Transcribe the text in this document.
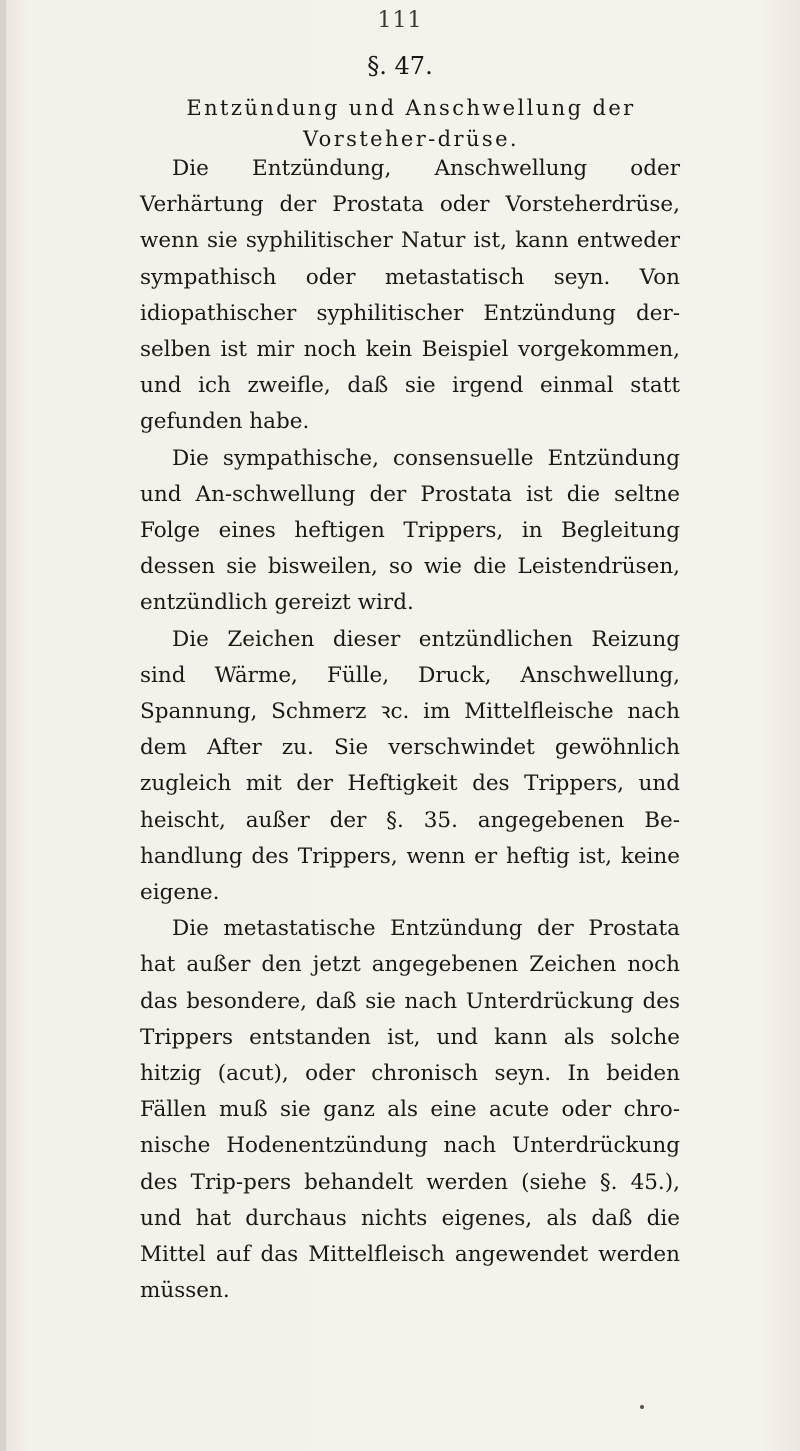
111
§. 47.
Entzündung und Anschwellung der Vorsteher-drüse.

Die Entzündung, Anschwellung oder Verhärtung der Prostata oder Vorsteherdrüse, wenn sie syphilitischer Natur ist, kann entweder sympathisch oder metastatisch seyn. Von idiopathischer syphilitischer Entzündung der-selben ist mir noch kein Beispiel vorgekommen, und ich zweifle, daß sie irgend einmal statt gefunden habe.

Die sympathische, consensuelle Entzündung und An-schwellung der Prostata ist die seltne Folge eines heftigen Trippers, in Begleitung dessen sie bisweilen, so wie die Leistendrüsen, entzündlich gereizt wird.

Die Zeichen dieser entzündlichen Reizung sind Wärme, Fülle, Druck, Anschwellung, Spannung, Schmerz ꝛc. im Mittelfleische nach dem After zu. Sie verschwindet gewöhnlich zugleich mit der Heftigkeit des Trippers, und heischt, außer der §. 35. angegebenen Be-handlung des Trippers, wenn er heftig ist, keine eigene.

Die metastatische Entzündung der Prostata hat außer den jetzt angegebenen Zeichen noch das besondere, daß sie nach Unterdrückung des Trippers entstanden ist, und kann als solche hitzig (acut), oder chronisch seyn. In beiden Fällen muß sie ganz als eine acute oder chro-nische Hodenentzündung nach Unterdrückung des Trip-pers behandelt werden (siehe §. 45.), und hat durchaus nichts eigenes, als daß die Mittel auf das Mittelfleisch angewendet werden müssen.
